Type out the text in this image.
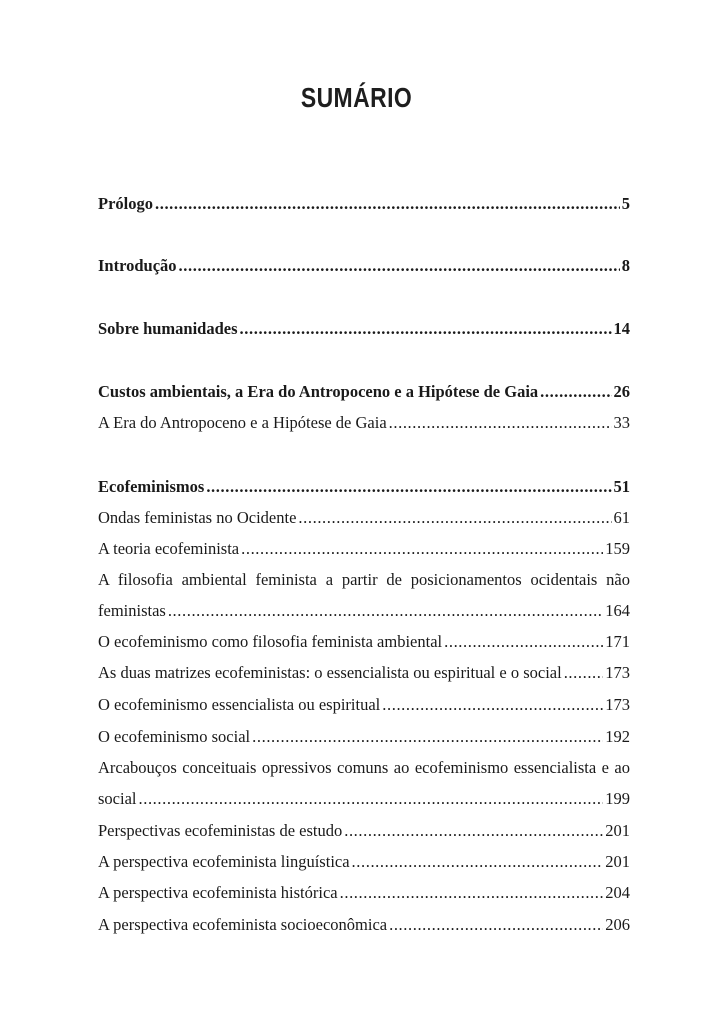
SUMÁRIO
Prólogo .....	5
Introdução .....	8
Sobre humanidades .....	14
Custos ambientais, a Era do Antropoceno e a Hipótese de Gaia .....	26
A Era do Antropoceno e a Hipótese de Gaia .....	33
Ecofeminismos .....	51
Ondas feministas no Ocidente .....	61
A teoria ecofeminista .....	159
A filosofia ambiental feminista a partir de posicionamentos ocidentais não
feministas .....	164
O ecofeminismo como filosofia feminista ambiental .....	171
As duas matrizes ecofeministas: o essencialista ou espiritual e o social .....	173
O ecofeminismo essencialista ou espiritual .....	173
O ecofeminismo social .....	192
Arcabouços conceituais opressivos comuns ao ecofeminismo essencialista e ao
social .....	199
Perspectivas ecofeministas de estudo .....	201
A perspectiva ecofeminista linguística .....	201
A perspectiva ecofeminista histórica .....	204
A perspectiva ecofeminista socioeconômica .....	206
